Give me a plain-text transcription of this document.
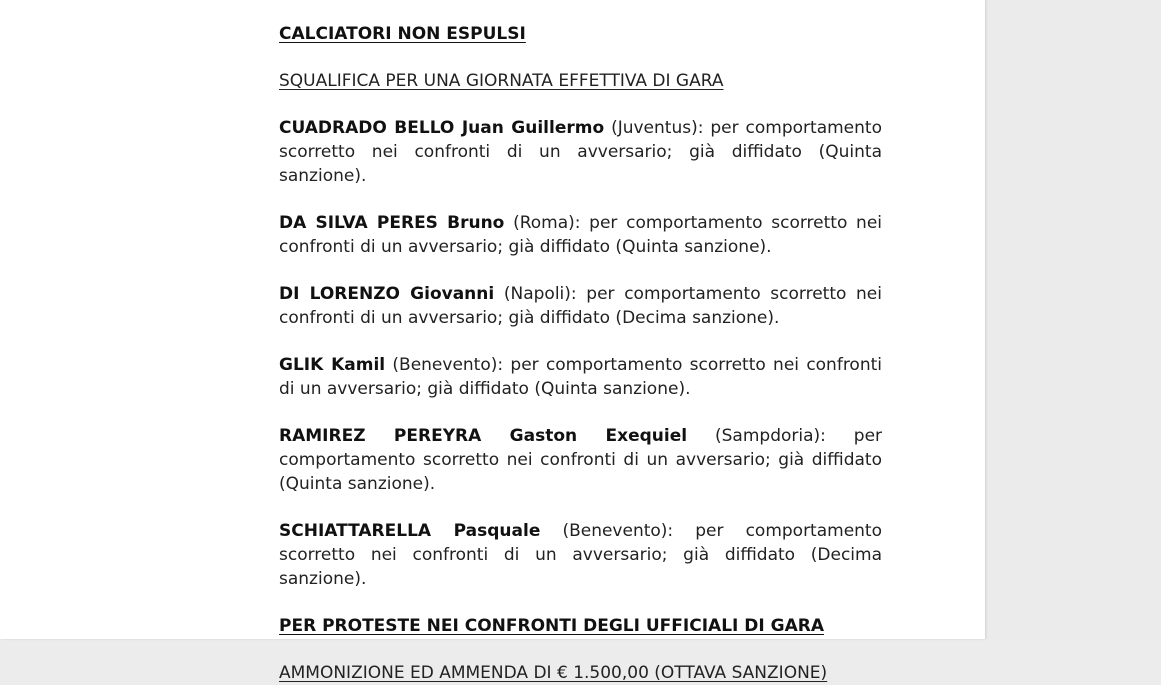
CALCIATORI NON ESPULSI

SQUALIFICA PER UNA GIORNATA EFFETTIVA DI GARA

CUADRADO BELLO Juan Guillermo (Juventus): per comportamento scorretto nei confronti di un avversario; già diffidato (Quinta sanzione).

DA SILVA PERES Bruno (Roma): per comportamento scorretto nei confronti di un avversario; già diffidato (Quinta sanzione).

DI LORENZO Giovanni (Napoli): per comportamento scorretto nei confronti di un avversario; già diffidato (Decima sanzione).

GLIK Kamil (Benevento): per comportamento scorretto nei confronti di un avversario; già diffidato (Quinta sanzione).

RAMIREZ PEREYRA Gaston Exequiel (Sampdoria): per comportamento scorretto nei confronti di un avversario; già diffidato (Quinta sanzione).

SCHIATTARELLA Pasquale (Benevento): per comportamento scorretto nei confronti di un avversario; già diffidato (Decima sanzione).

PER PROTESTE NEI CONFRONTI DEGLI UFFICIALI DI GARA

AMMONIZIONE ED AMMENDA DI € 1.500,00 (OTTAVA SANZIONE)
